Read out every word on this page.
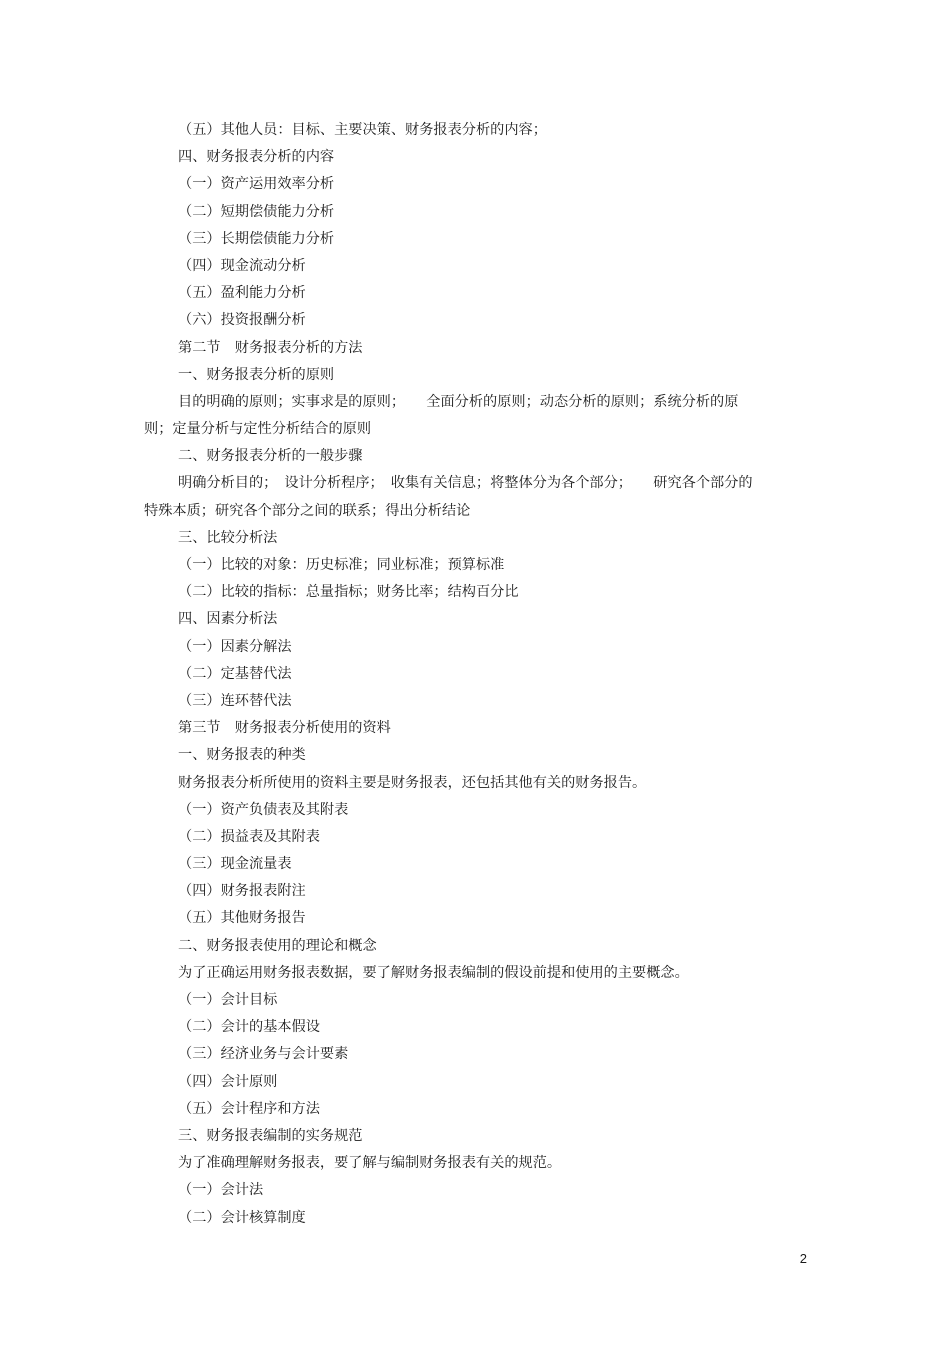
（五）其他人员：目标、主要决策、财务报表分析的内容；
四、财务报表分析的内容
（一）资产运用效率分析
（二）短期偿债能力分析
（三）长期偿债能力分析
（四）现金流动分析
（五）盈利能力分析
（六）投资报酬分析
第二节　财务报表分析的方法
一、财务报表分析的原则
目的明确的原则；实事求是的原则；　　全面分析的原则；动态分析的原则；系统分析的原
则；定量分析与定性分析结合的原则
二、财务报表分析的一般步骤
明确分析目的；　设计分析程序；　收集有关信息；将整体分为各个部分；　　研究各个部分的
特殊本质；研究各个部分之间的联系；得出分析结论
三、比较分析法
（一）比较的对象：历史标准；同业标准；预算标准
（二）比较的指标：总量指标；财务比率；结构百分比
四、因素分析法
（一）因素分解法
（二）定基替代法
（三）连环替代法
第三节　财务报表分析使用的资料
一、财务报表的种类
财务报表分析所使用的资料主要是财务报表，还包括其他有关的财务报告。
（一）资产负债表及其附表
（二）损益表及其附表
（三）现金流量表
（四）财务报表附注
（五）其他财务报告
二、财务报表使用的理论和概念
为了正确运用财务报表数据，要了解财务报表编制的假设前提和使用的主要概念。
（一）会计目标
（二）会计的基本假设
（三）经济业务与会计要素
（四）会计原则
（五）会计程序和方法
三、财务报表编制的实务规范
为了准确理解财务报表，要了解与编制财务报表有关的规范。
（一）会计法
（二）会计核算制度
2
